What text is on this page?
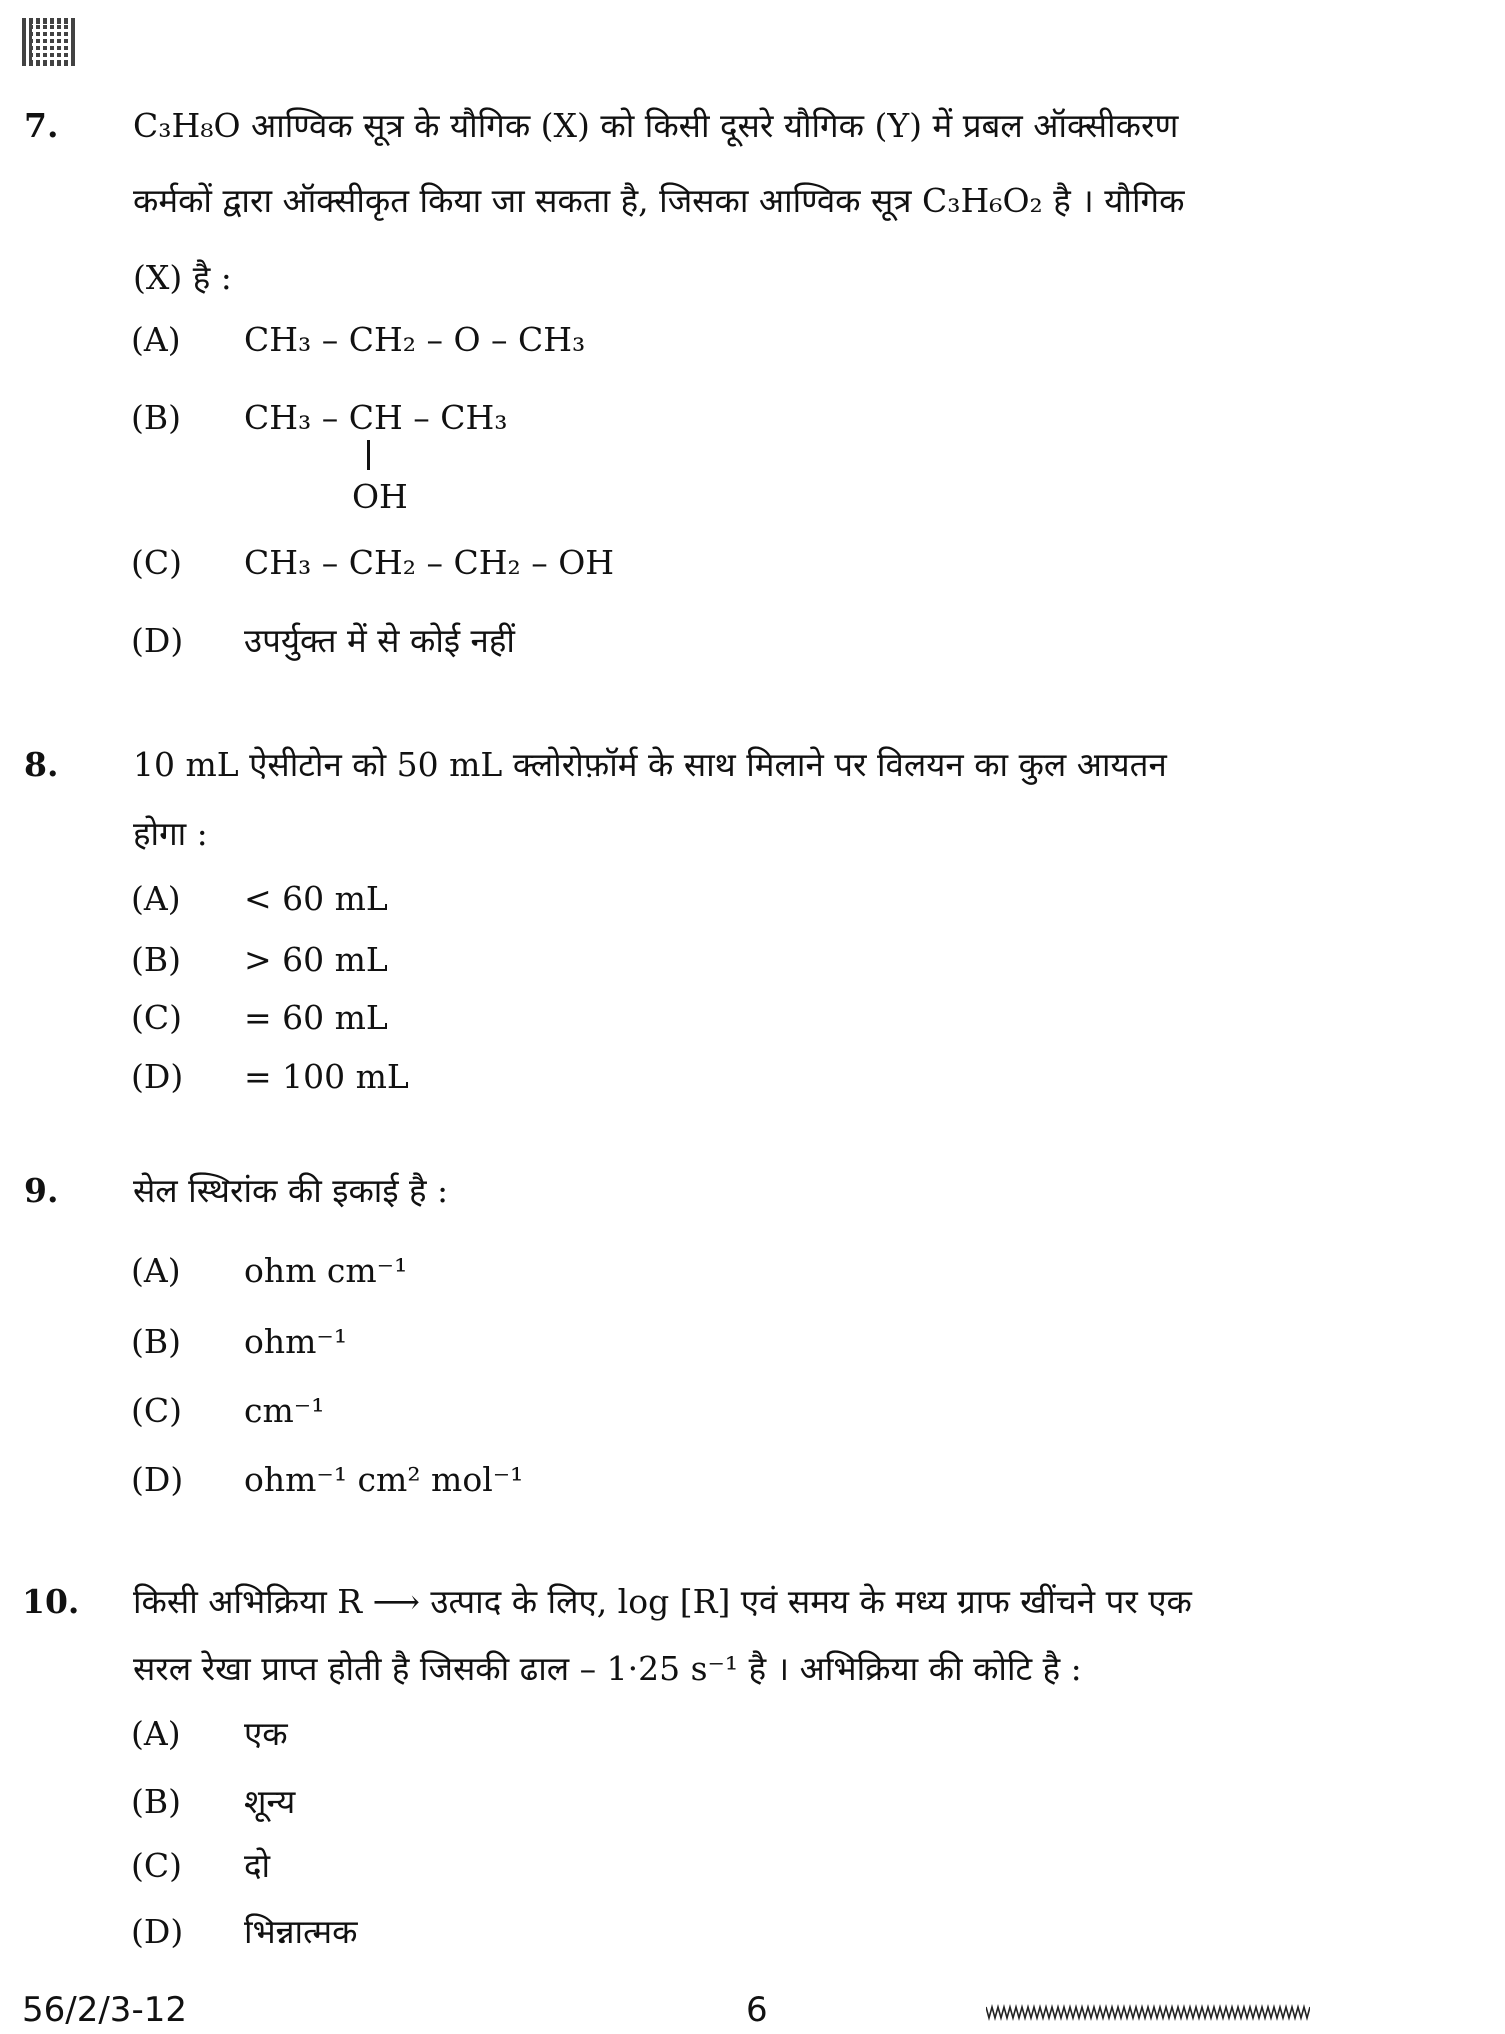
7. C₃H₈O आण्विक सूत्र के यौगिक (X) को किसी दूसरे यौगिक (Y) में प्रबल ऑक्सीकरण
कर्मकों द्वारा ऑक्सीकृत किया जा सकता है, जिसका आण्विक सूत्र C₃H₆O₂ है । यौगिक
(X) है :
(A) CH₃ – CH₂ – O – CH₃
(B) CH₃ – CH – CH₃
OH
(C) CH₃ – CH₂ – CH₂ – OH
(D) उपर्युक्त में से कोई नहीं
8. 10 mL ऐसीटोन को 50 mL क्लोरोफ़ॉर्म के साथ मिलाने पर विलयन का कुल आयतन
होगा :
(A) < 60 mL
(B) > 60 mL
(C) = 60 mL
(D) = 100 mL
9. सेल स्थिरांक की इकाई है :
(A) ohm cm⁻¹
(B) ohm⁻¹
(C) cm⁻¹
(D) ohm⁻¹ cm² mol⁻¹
10. किसी अभिक्रिया R ⟶ उत्पाद के लिए, log [R] एवं समय के मध्य ग्राफ खींचने पर एक
सरल रेखा प्राप्त होती है जिसकी ढाल – 1·25 s⁻¹ है । अभिक्रिया की कोटि है :
(A) एक
(B) शून्य
(C) दो
(D) भिन्नात्मक
56/2/3-12	6
